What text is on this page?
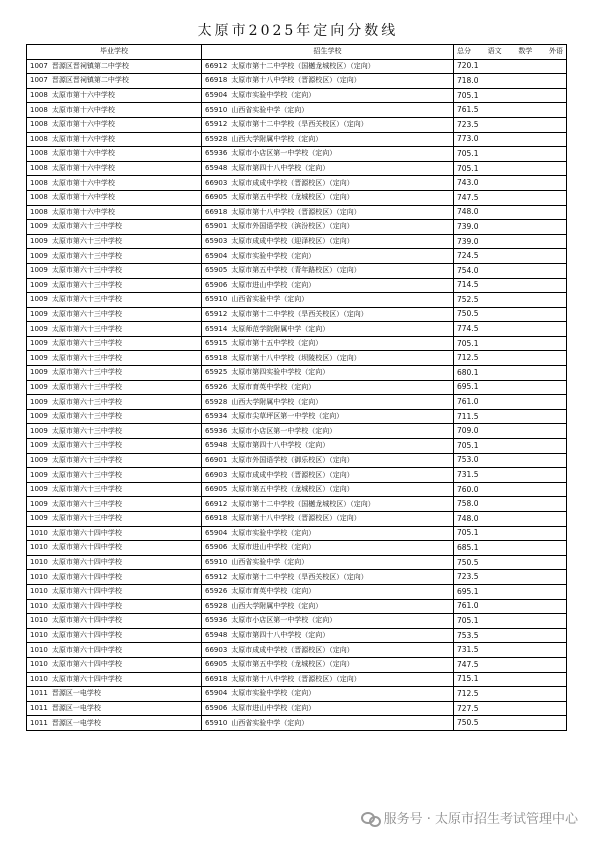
太原市2025年定向分数线
毕业学校	招生学校	总分 语文 数学 外语

1007 晋源区晋祠镇第二中学校	66912 太原市第十二中学校（国樾龙城校区）（定向）	720.1
1007 晋源区晋祠镇第二中学校	66918 太原市第十八中学校（晋源校区）（定向）	718.0
1008 太原市第十六中学校	65904 太原市实验中学校（定向）	705.1
1008 太原市第十六中学校	65910 山西省实验中学（定向）	761.5
1008 太原市第十六中学校	65912 太原市第十二中学校（旱西关校区）（定向）	723.5
1008 太原市第十六中学校	65928 山西大学附属中学校（定向）	773.0
1008 太原市第十六中学校	65936 太原市小店区第一中学校（定向）	705.1
1008 太原市第十六中学校	65948 太原市第四十八中学校（定向）	705.1
1008 太原市第十六中学校	66903 太原市成成中学校（晋源校区）（定向）	743.0
1008 太原市第十六中学校	66905 太原市第五中学校（龙城校区）（定向）	747.5
1008 太原市第十六中学校	66918 太原市第十八中学校（晋源校区）（定向）	748.0
1009 太原市第六十三中学校	65901 太原市外国语学校（滨汾校区）（定向）	739.0
1009 太原市第六十三中学校	65903 太原市成成中学校（迎泽校区）（定向）	739.0
1009 太原市第六十三中学校	65904 太原市实验中学校（定向）	724.5
1009 太原市第六十三中学校	65905 太原市第五中学校（青年路校区）（定向）	754.0
1009 太原市第六十三中学校	65906 太原市进山中学校（定向）	714.5
1009 太原市第六十三中学校	65910 山西省实验中学（定向）	752.5
1009 太原市第六十三中学校	65912 太原市第十二中学校（旱西关校区）（定向）	750.5
1009 太原市第六十三中学校	65914 太原师范学院附属中学（定向）	774.5
1009 太原市第六十三中学校	65915 太原市第十五中学校（定向）	705.1
1009 太原市第六十三中学校	65918 太原市第十八中学校（坝陵校区）（定向）	712.5
1009 太原市第六十三中学校	65925 太原市第四实验中学校（定向）	680.1
1009 太原市第六十三中学校	65926 太原市育英中学校（定向）	695.1
1009 太原市第六十三中学校	65928 山西大学附属中学校（定向）	761.0
1009 太原市第六十三中学校	65934 太原市尖草坪区第一中学校（定向）	711.5
1009 太原市第六十三中学校	65936 太原市小店区第一中学校（定向）	709.0
1009 太原市第六十三中学校	65948 太原市第四十八中学校（定向）	705.1
1009 太原市第六十三中学校	66901 太原市外国语学校（御乐校区）（定向）	753.0
1009 太原市第六十三中学校	66903 太原市成成中学校（晋源校区）（定向）	731.5
1009 太原市第六十三中学校	66905 太原市第五中学校（龙城校区）（定向）	760.0
1009 太原市第六十三中学校	66912 太原市第十二中学校（国樾龙城校区）（定向）	758.0
1009 太原市第六十三中学校	66918 太原市第十八中学校（晋源校区）（定向）	748.0
1010 太原市第六十四中学校	65904 太原市实验中学校（定向）	705.1
1010 太原市第六十四中学校	65906 太原市进山中学校（定向）	685.1
1010 太原市第六十四中学校	65910 山西省实验中学（定向）	750.5
1010 太原市第六十四中学校	65912 太原市第十二中学校（旱西关校区）（定向）	723.5
1010 太原市第六十四中学校	65926 太原市育英中学校（定向）	695.1
1010 太原市第六十四中学校	65928 山西大学附属中学校（定向）	761.0
1010 太原市第六十四中学校	65936 太原市小店区第一中学校（定向）	705.1
1010 太原市第六十四中学校	65948 太原市第四十八中学校（定向）	753.5
1010 太原市第六十四中学校	66903 太原市成成中学校（晋源校区）（定向）	731.5
1010 太原市第六十四中学校	66905 太原市第五中学校（龙城校区）（定向）	747.5
1010 太原市第六十四中学校	66918 太原市第十八中学校（晋源校区）（定向）	715.1
1011 晋源区一电学校	65904 太原市实验中学校（定向）	712.5
1011 晋源区一电学校	65906 太原市进山中学校（定向）	727.5
1011 晋源区一电学校	65910 山西省实验中学（定向）	750.5
服务号 · 太原市招生考试管理中心
